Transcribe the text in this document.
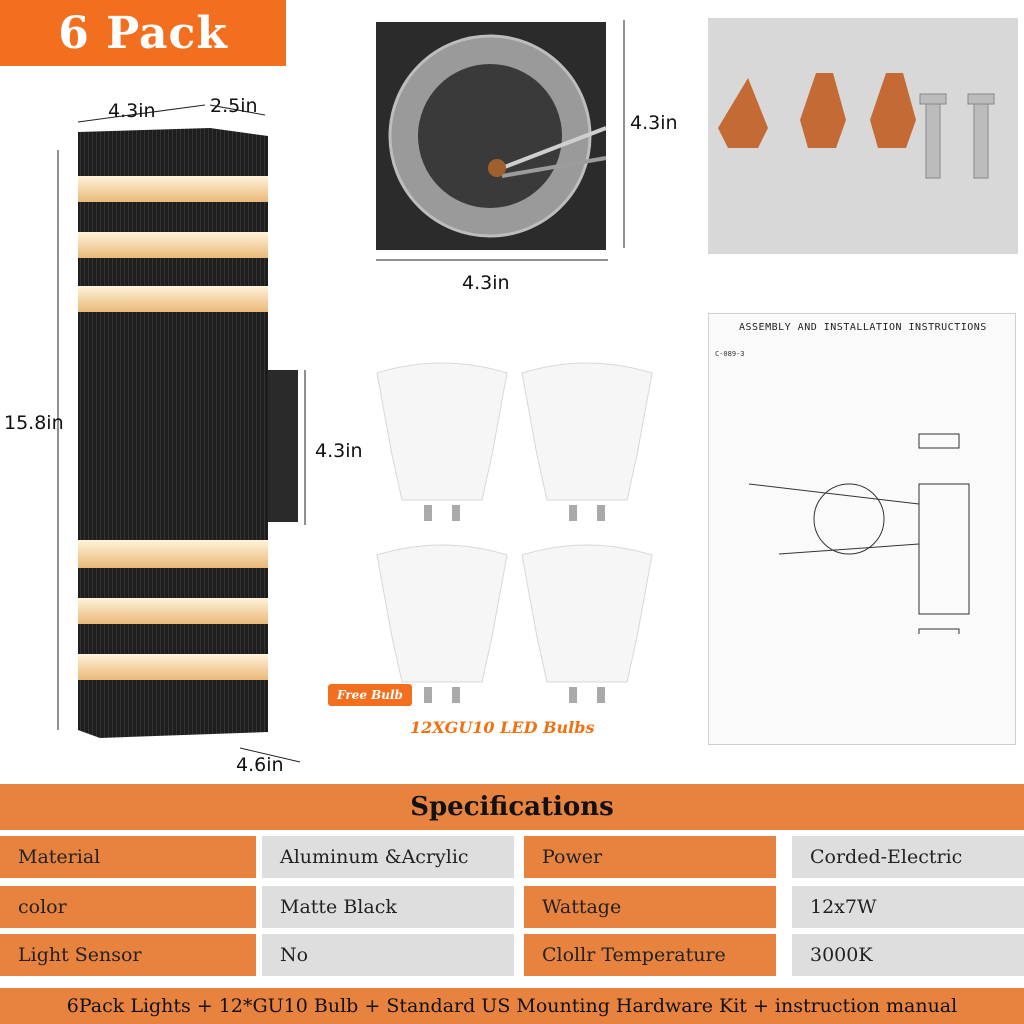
6 Pack
4.3in	2.5in
15.8in
4.3in
4.6in
4.3in
4.3in
Free Bulb
12XGU10 LED Bulbs
ASSEMBLY AND INSTALLATION INSTRUCTIONS
C-089-3
Specifications
Material	Aluminum &Acrylic	Power	Corded-Electric
color	Matte Black	Wattage	12x7W
Light Sensor	No	Clollr Temperature	3000K
6Pack Lights + 12*GU10 Bulb + Standard US Mounting Hardware Kit + instruction manual
